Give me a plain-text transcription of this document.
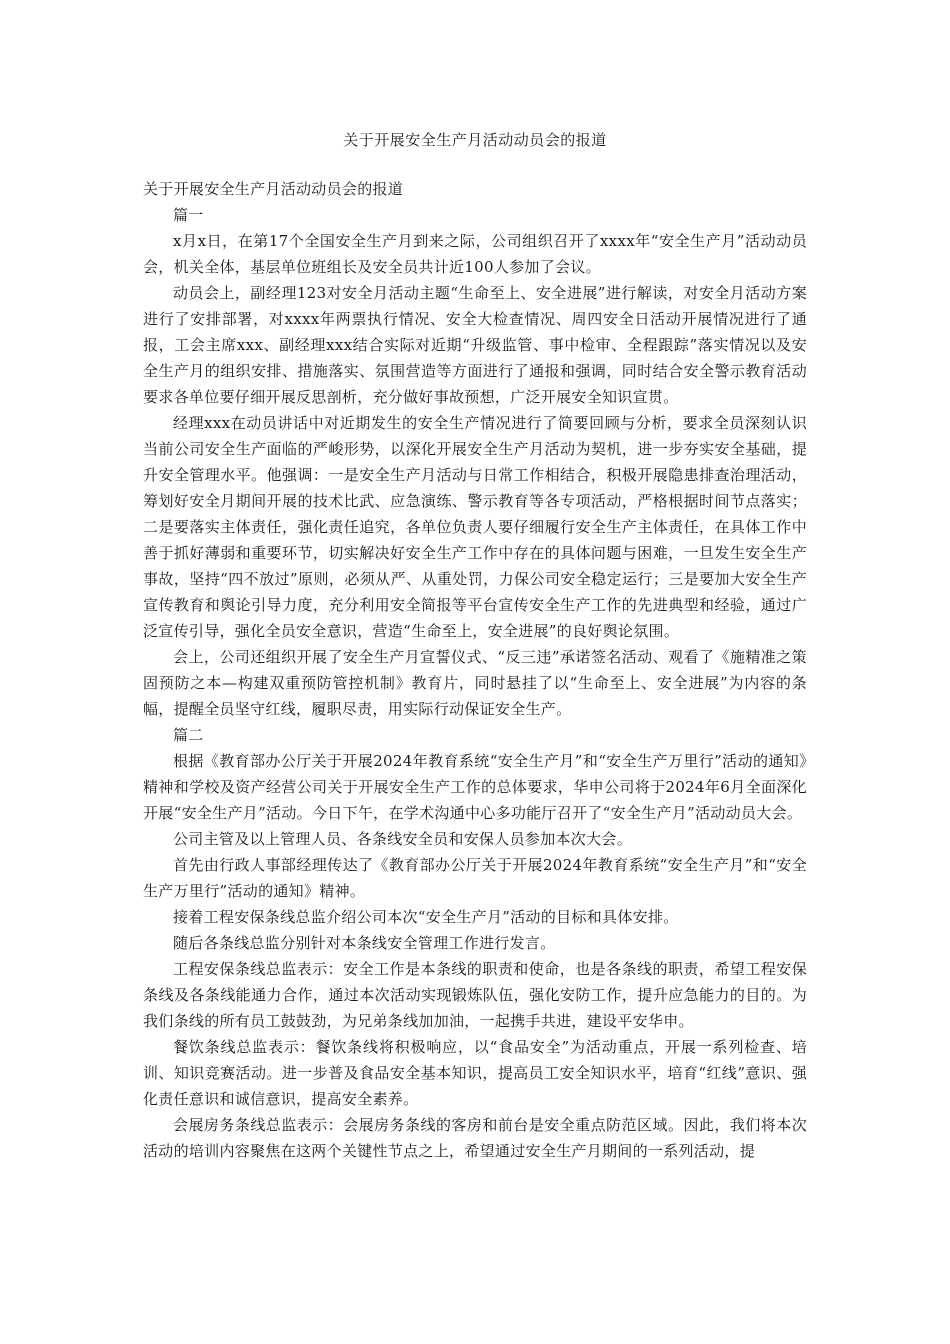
关于开展安全生产月活动动员会的报道

关于开展安全生产月活动动员会的报道

篇一

x月x日，在第17个全国安全生产月到来之际，公司组织召开了xxxx年“安全生产月”活动动员会，机关全体，基层单位班组长及安全员共计近100人参加了会议。

动员会上，副经理123对安全月活动主题“生命至上、安全进展”进行解读，对安全月活动方案进行了安排部署，对xxxx年两票执行情况、安全大检查情况、周四安全日活动开展情况进行了通报，工会主席xxx、副经理xxx结合实际对近期“升级监管、事中检审、全程跟踪”落实情况以及安全生产月的组织安排、措施落实、氛围营造等方面进行了通报和强调，同时结合安全警示教育活动要求各单位要仔细开展反思剖析，充分做好事故预想，广泛开展安全知识宣贯。

经理xxx在动员讲话中对近期发生的安全生产情况进行了简要回顾与分析，要求全员深刻认识当前公司安全生产面临的严峻形势，以深化开展安全生产月活动为契机，进一步夯实安全基础，提升安全管理水平。他强调：一是安全生产月活动与日常工作相结合，积极开展隐患排查治理活动，筹划好安全月期间开展的技术比武、应急演练、警示教育等各专项活动，严格根据时间节点落实；二是要落实主体责任，强化责任追究，各单位负责人要仔细履行安全生产主体责任，在具体工作中善于抓好薄弱和重要环节，切实解决好安全生产工作中存在的具体问题与困难，一旦发生安全生产事故，坚持“四不放过”原则，必须从严、从重处罚，力保公司安全稳定运行；三是要加大安全生产宣传教育和舆论引导力度，充分利用安全简报等平台宣传安全生产工作的先进典型和经验，通过广泛宣传引导，强化全员安全意识，营造“生命至上，安全进展”的良好舆论氛围。

会上，公司还组织开展了安全生产月宣誓仪式、“反三违”承诺签名活动、观看了《施精准之策 固预防之本—构建双重预防管控机制》教育片，同时悬挂了以“生命至上、安全进展”为内容的条幅，提醒全员坚守红线，履职尽责，用实际行动保证安全生产。

篇二

根据《教育部办公厅关于开展2024年教育系统“安全生产月”和“安全生产万里行”活动的通知》精神和学校及资产经营公司关于开展安全生产工作的总体要求，华申公司将于2024年6月全面深化开展“安全生产月”活动。今日下午，在学术沟通中心多功能厅召开了“安全生产月”活动动员大会。

公司主管及以上管理人员、各条线安全员和安保人员参加本次大会。

首先由行政人事部经理传达了《教育部办公厅关于开展2024年教育系统“安全生产月”和“安全生产万里行”活动的通知》精神。

接着工程安保条线总监介绍公司本次“安全生产月”活动的目标和具体安排。

随后各条线总监分别针对本条线安全管理工作进行发言。

工程安保条线总监表示：安全工作是本条线的职责和使命，也是各条线的职责，希望工程安保条线及各条线能通力合作，通过本次活动实现锻炼队伍，强化安防工作，提升应急能力的目的。为我们条线的所有员工鼓鼓劲，为兄弟条线加加油，一起携手共进，建设平安华申。

餐饮条线总监表示：餐饮条线将积极响应，以“食品安全”为活动重点，开展一系列检查、培训、知识竞赛活动。进一步普及食品安全基本知识，提高员工安全知识水平，培育“红线”意识、强化责任意识和诚信意识，提高安全素养。

会展房务条线总监表示：会展房务条线的客房和前台是安全重点防范区域。因此，我们将本次活动的培训内容聚焦在这两个关键性节点之上，希望通过安全生产月期间的一系列活动，提
